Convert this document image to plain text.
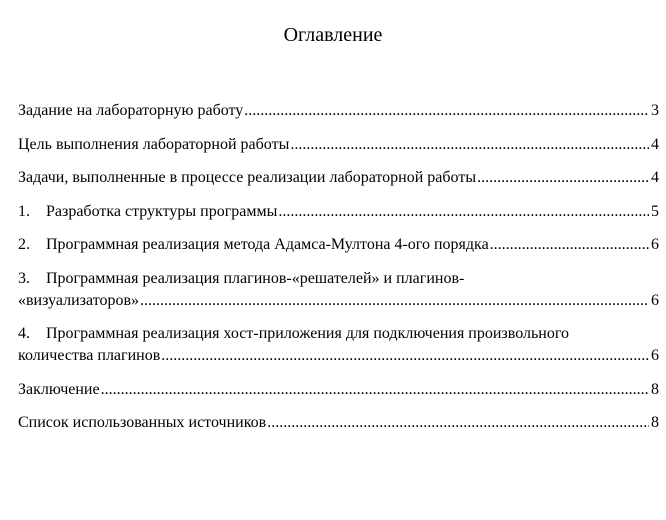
Оглавление
Задание на лабораторную работу .....	3
Цель выполнения лабораторной работы .....	4
Задачи, выполненные в процессе реализации лабораторной работы .....	4
1. Разработка структуры программы .....	5
2. Программная реализация метода Адамса-Мултона 4-ого порядка .....	6
3. Программная реализация плагинов-«решателей» и плагинов-
«визуализаторов» .....	6
4. Программная реализация хост-приложения для подключения произвольного
количества плагинов .....	6
Заключение .....	8
Список использованных источников .....	8
